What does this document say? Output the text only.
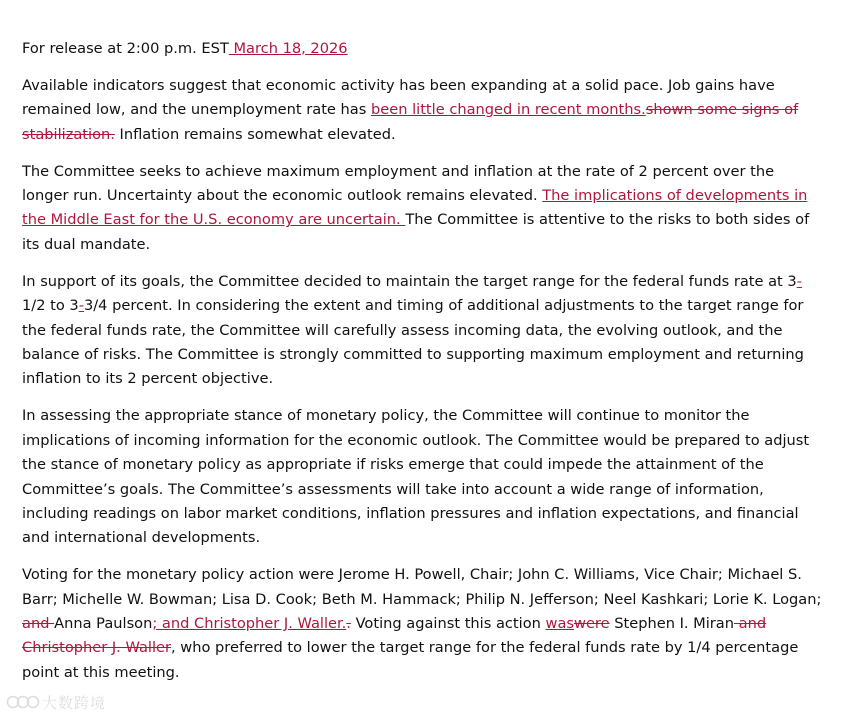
For release at 2:00 p.m. EST March 18, 2026

Available indicators suggest that economic activity has been expanding at a solid pace. Job gains have remained low, and the unemployment rate has been little changed in recent months.shown some signs of stabilization. Inflation remains somewhat elevated.

The Committee seeks to achieve maximum employment and inflation at the rate of 2 percent over the longer run. Uncertainty about the economic outlook remains elevated. The implications of developments in the Middle East for the U.S. economy are uncertain. The Committee is attentive to the risks to both sides of its dual mandate.

In support of its goals, the Committee decided to maintain the target range for the federal funds rate at 3-1/2 to 3-3/4 percent. In considering the extent and timing of additional adjustments to the target range for the federal funds rate, the Committee will carefully assess incoming data, the evolving outlook, and the balance of risks. The Committee is strongly committed to supporting maximum employment and returning inflation to its 2 percent objective.

In assessing the appropriate stance of monetary policy, the Committee will continue to monitor the implications of incoming information for the economic outlook. The Committee would be prepared to adjust the stance of monetary policy as appropriate if risks emerge that could impede the attainment of the Committee’s goals. The Committee’s assessments will take into account a wide range of information, including readings on labor market conditions, inflation pressures and inflation expectations, and financial and international developments.

Voting for the monetary policy action were Jerome H. Powell, Chair; John C. Williams, Vice Chair; Michael S. Barr; Michelle W. Bowman; Lisa D. Cook; Beth M. Hammack; Philip N. Jefferson; Neel Kashkari; Lorie K. Logan; and Anna Paulson; and Christopher J. Waller.. Voting against this action waswere Stephen I. Miran and Christopher J. Waller, who preferred to lower the target range for the federal funds rate by 1/4 percentage point at this meeting.

大数跨境
